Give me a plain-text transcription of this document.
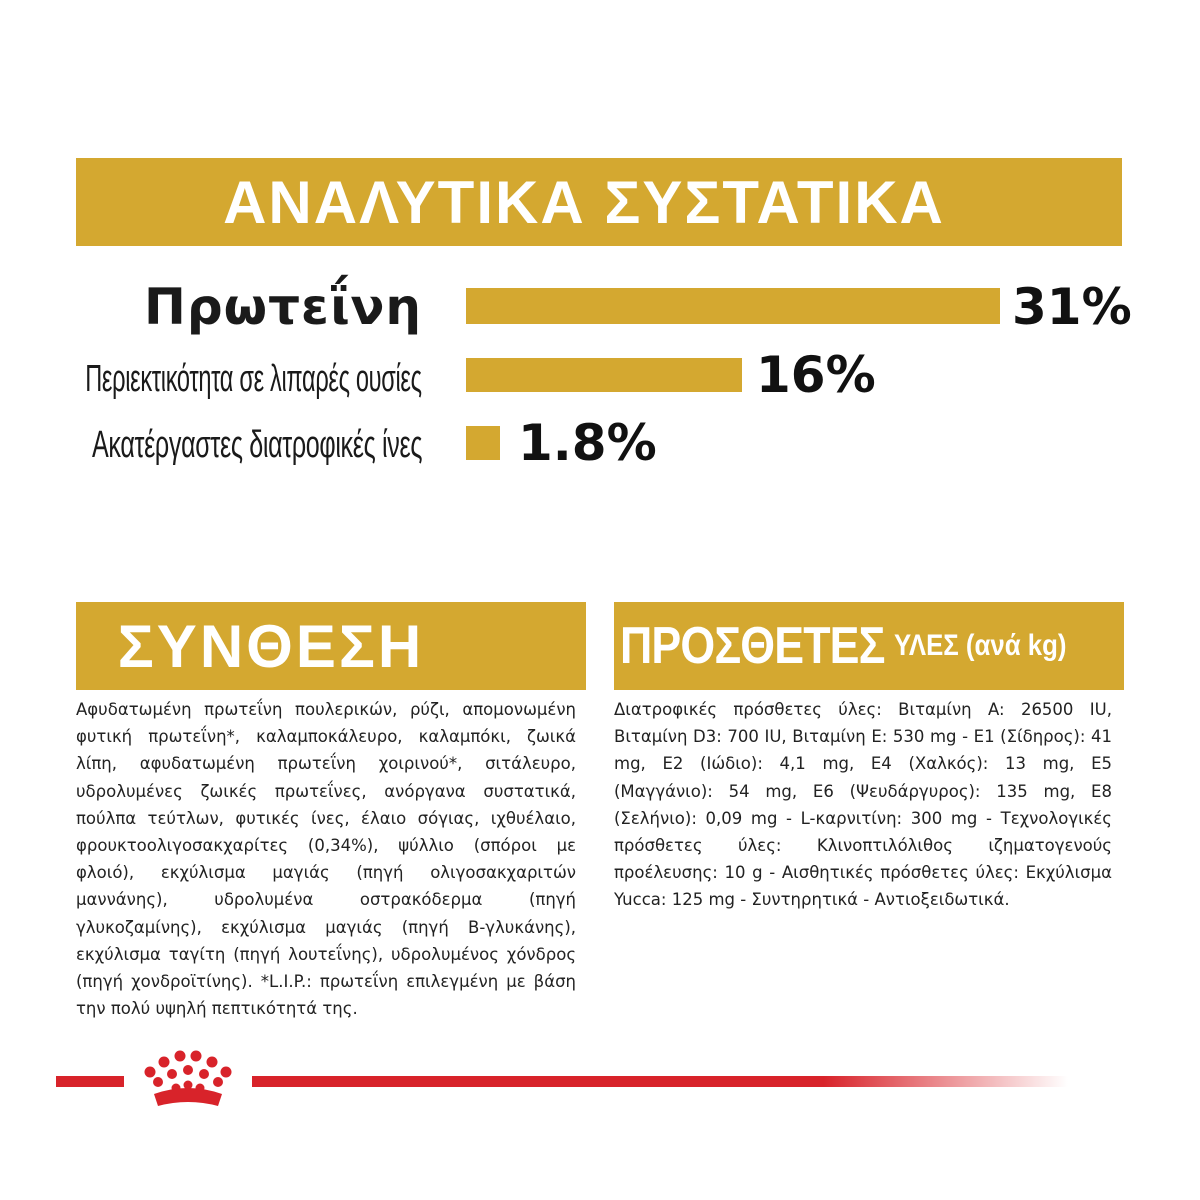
ΑΝΑΛΥΤΙΚΑ ΣΥΣΤΑΤΙΚΑ
Πρωτεΐνη	31%
Περιεκτικότητα σε λιπαρές ουσίες	16%
Ακατέργαστες διατροφικές ίνες 1.8%
ΣΥΝΘΕΣΗ
Αφυδατωμένη πρωτεΐνη πουλερικών, ρύζι, απομονωμένη φυτική πρωτεΐνη*, καλαμποκάλευρο, καλαμπόκι, ζωικά λίπη, αφυδατωμένη πρωτεΐνη χοιρινού*, σιτάλευρο, υδρολυμένες ζωικές πρωτεΐνες, ανόργανα συστατικά, πούλπα τεύτλων, φυτικές ίνες, έλαιο σόγιας, ιχθυέλαιο, φρουκτοολιγοσακχαρίτες (0,34%), ψύλλιο (σπόροι με φλοιό), εκχύλισμα μαγιάς (πηγή ολιγοσακχαριτών μαννάνης), υδρολυμένα οστρακόδερμα (πηγή γλυκοζαμίνης), εκχύλισμα μαγιάς (πηγή Β-γλυκάνης), εκχύλισμα ταγίτη (πηγή λουτεΐνης), υδρολυμένος χόνδρος (πηγή χονδροϊτίνης). *L.I.P.: πρωτεΐνη επιλεγμένη με βάση την πολύ υψηλή πεπτικότητά της.
ΠΡΟΣΘΕΤΕΣ ΥΛΕΣ (ανά kg)
Διατροφικές πρόσθετες ύλες: Βιταμίνη A: 26500 IU, Βιταμίνη D3: 700 IU, Βιταμίνη E: 530 mg - E1 (Σίδηρος): 41 mg, E2 (Ιώδιο): 4,1 mg, E4 (Χαλκός): 13 mg, E5 (Μαγγάνιο): 54 mg, E6 (Ψευδάργυρος): 135 mg, E8 (Σελήνιο): 0,09 mg - L-καρνιτίνη: 300 mg - Τεχνολογικές πρόσθετες ύλες: Κλινοπτιλόλιθος ιζηματογενούς προέλευσης: 10 g - Αισθητικές πρόσθετες ύλες: Εκχύλισμα Yucca: 125 mg - Συντηρητικά - Αντιοξειδωτικά.
